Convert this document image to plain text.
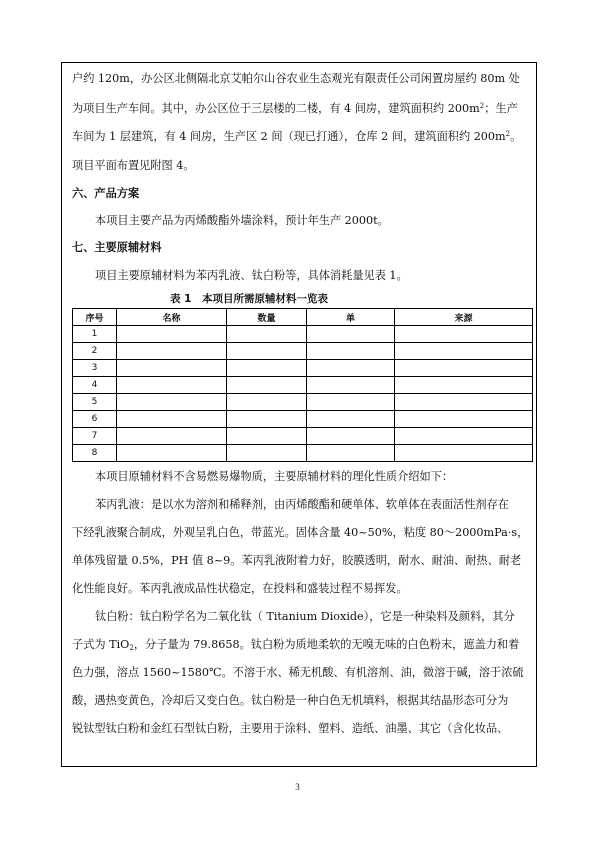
户约 120m，办公区北侧隔北京艾帕尔山谷农业生态观光有限责任公司闲置房屋约 80m 处
为项目生产车间。其中，办公区位于三层楼的二楼，有 4 间房，建筑面积约 $200m^2$；生产
车间为 1 层建筑，有 4 间房，生产区 2 间（现已打通），仓库 2 间，建筑面积约 $200m^2$。
项目平面布置见附图 4。
六、产品方案
本项目主要产品为丙烯酸酯外墙涂料，预计年生产 2000t。
七、主要原辅材料
项目主要原辅材料为苯丙乳液、钛白粉等，具体消耗量见表 1。
表 1　本项目所需原辅材料一览表
序号	名称	数量	单	来源
1				
2				
3				
4				
5				
6				
7				
8				
本项目原辅材料不含易燃易爆物质，主要原辅材料的理化性质介绍如下：
苯丙乳液：是以水为溶剂和稀释剂，由丙烯酸酯和硬单体、软单体在表面活性剂存在
下经乳液聚合制成，外观呈乳白色，带蓝光。固体含量 40~50%，粘度 80～2000mPa·s，
单体残留量 0.5%，PH 值 8~9。苯丙乳液附着力好，胶膜透明，耐水、耐油、耐热、耐老
化性能良好。苯丙乳液成品性状稳定，在投料和盛装过程不易挥发。
钛白粉：钛白粉学名为二氧化钛（ Titanium Dioxide），它是一种染料及颜料，其分
子式为 TiO$_2$，分子量为 79.8658。钛白粉为质地柔软的无嗅无味的白色粉末，遮盖力和着
色力强，溶点 1560~1580℃。不溶于水、稀无机酸、有机溶剂、油，微溶于碱，溶于浓硫
酸，遇热变黄色，冷却后又变白色。钛白粉是一种白色无机填料，根据其结晶形态可分为
锐钛型钛白粉和金红石型钛白粉，主要用于涂料、塑料、造纸、油墨、其它（含化妆品、
3
